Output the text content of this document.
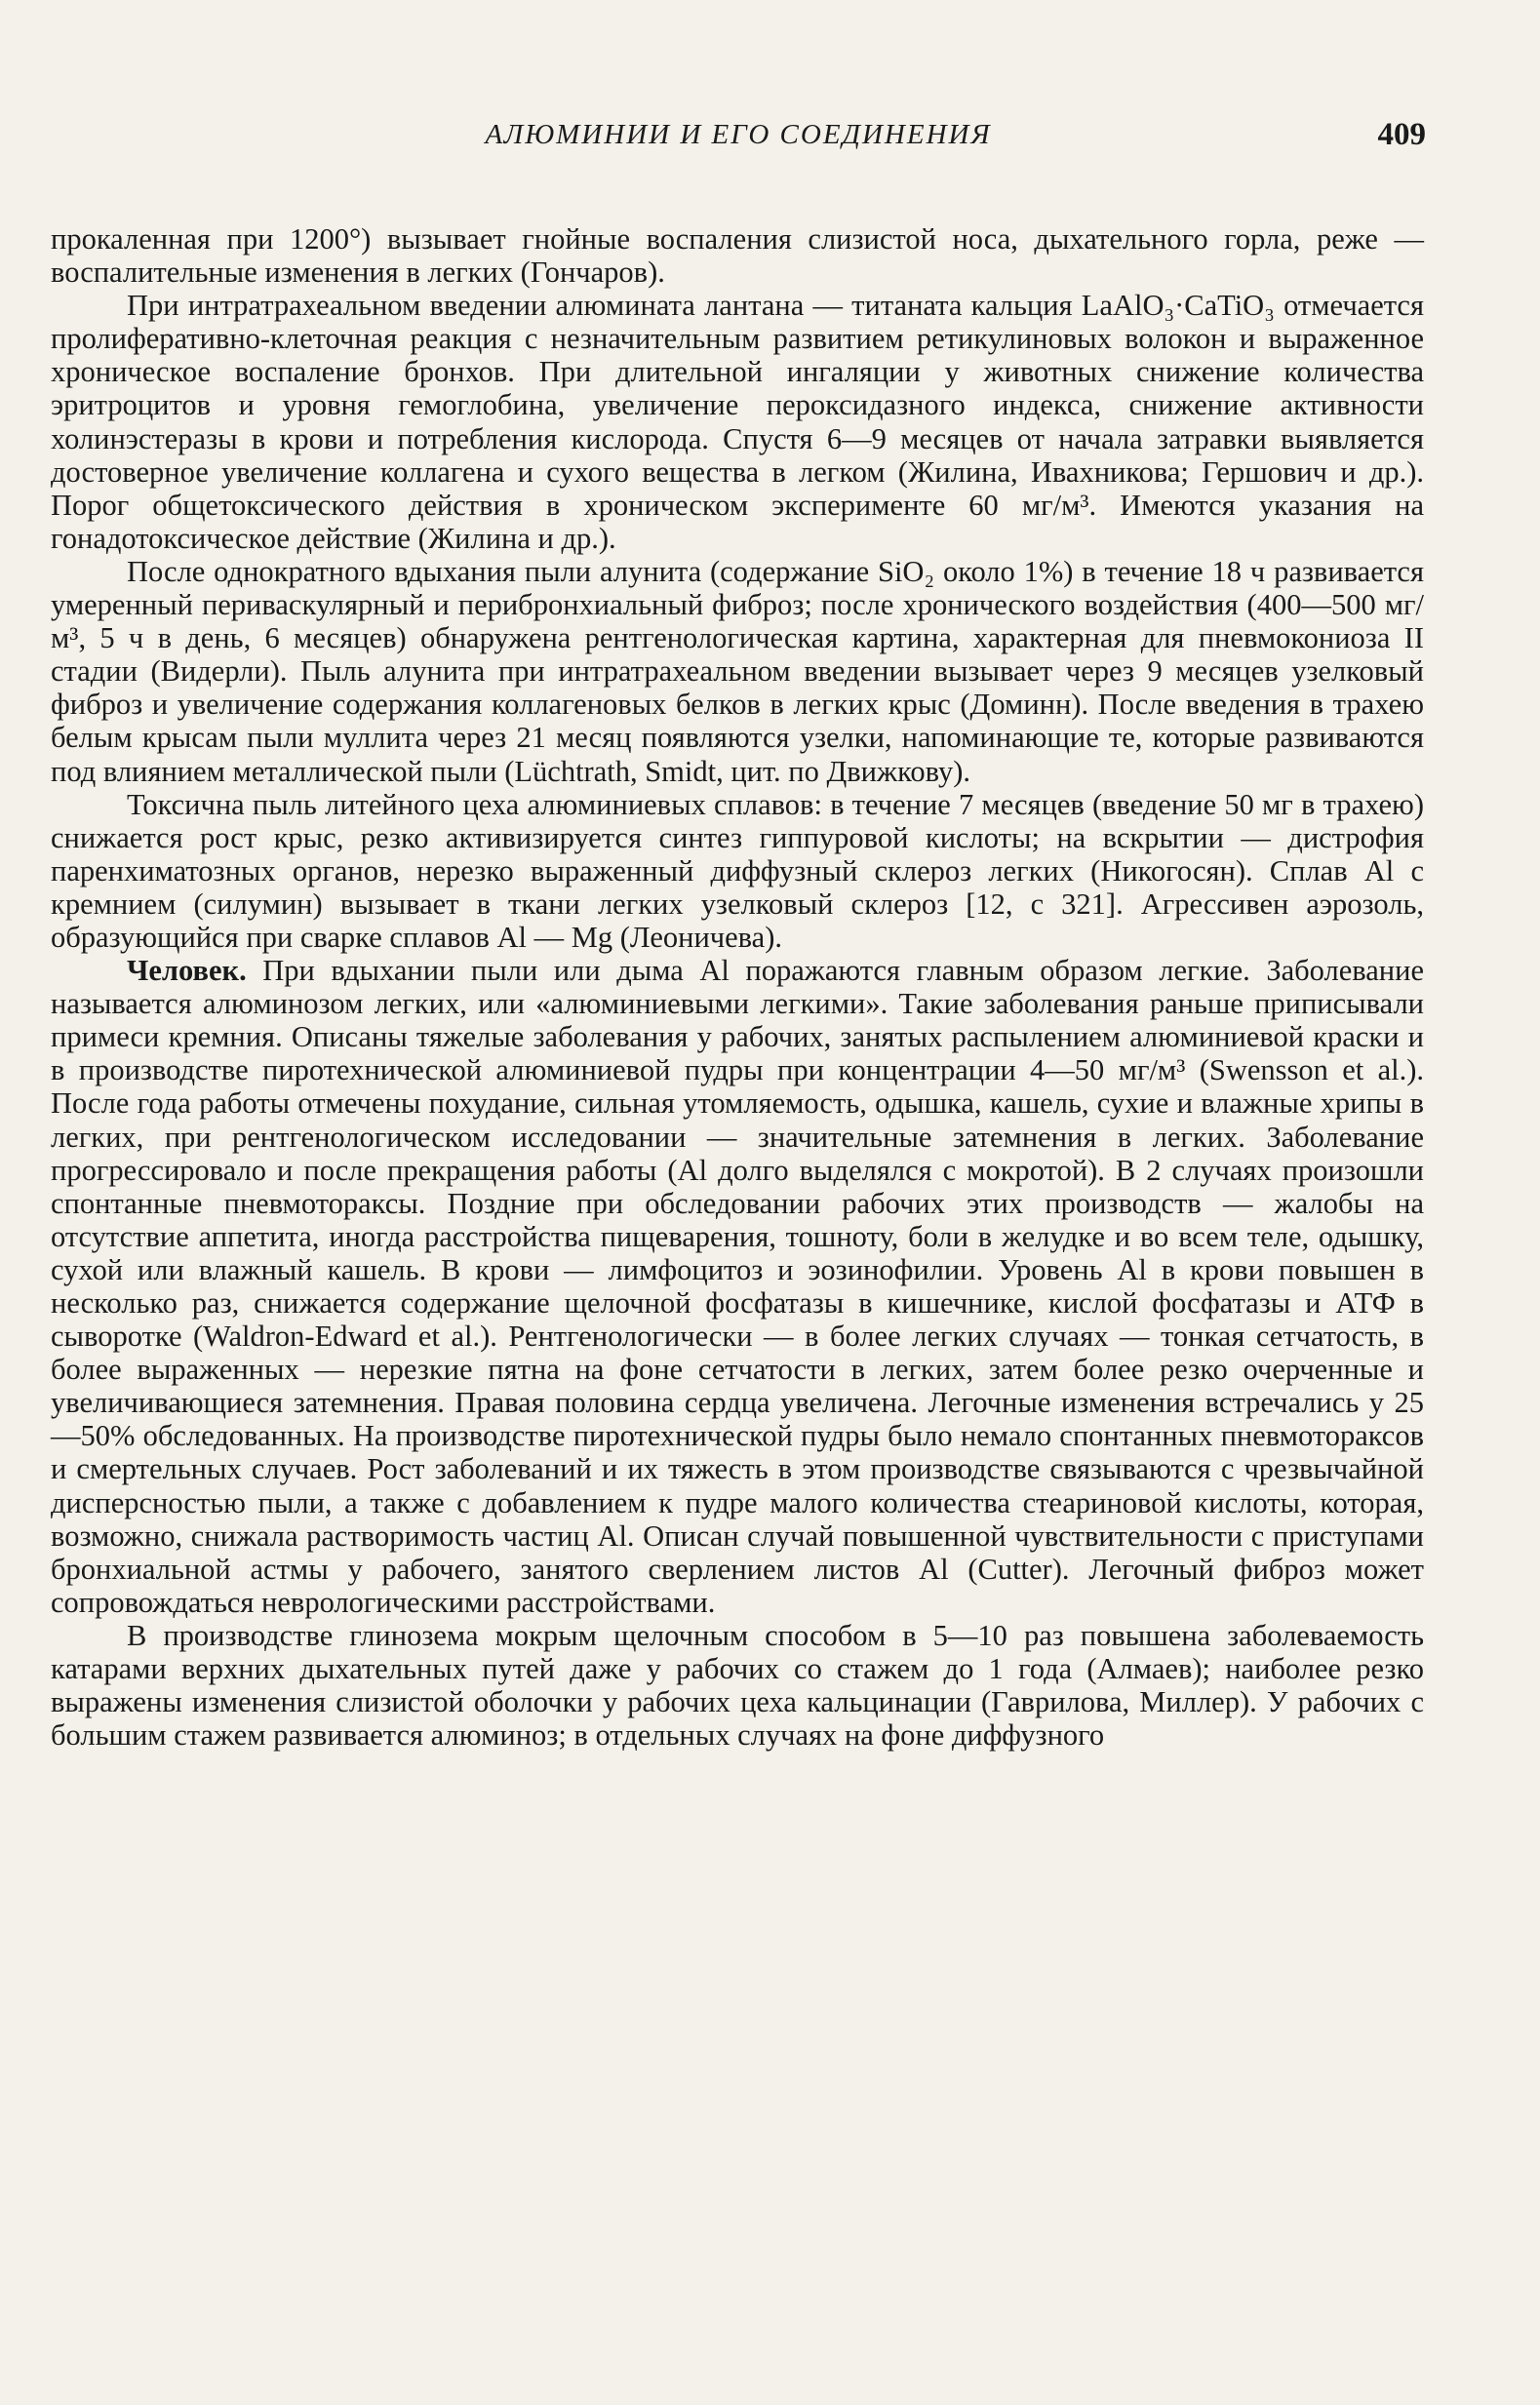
АЛЮМИНИИ И ЕГО СОЕДИНЕНИЯ	409

прокаленная при 1200°) вызывает гнойные воспаления слизистой носа, дыхательного горла, реже — воспалительные изменения в легких (Гончаров).

При интратрахеальном введении алюмината лантана — титаната кальция LaAlO₃·CaTiO₃ отмечается пролиферативно-клеточная реакция с незначительным развитием ретикулиновых волокон и выраженное хроническое воспаление бронхов. При длительной ингаляции у животных снижение количества эритроцитов и уровня гемоглобина, увеличение пероксидазного индекса, снижение активности холинэстеразы в крови и потребления кислорода. Спустя 6—9 месяцев от начала затравки выявляется достоверное увеличение коллагена и сухого вещества в легком (Жилина, Ивахникова; Гершович и др.). Порог общетоксического действия в хроническом эксперименте 60 мг/м³. Имеются указания на гонадотоксическое действие (Жилина и др.).

После однократного вдыхания пыли алунита (содержание SiO₂ около 1%) в течение 18 ч развивается умеренный периваскулярный и перибронхиальный фиброз; после хронического воздействия (400—500 мг/м³, 5 ч в день, 6 месяцев) обнаружена рентгенологическая картина, характерная для пневмокониоза II стадии (Видерли). Пыль алунита при интратрахеальном введении вызывает через 9 месяцев узелковый фиброз и увеличение содержания коллагеновых белков в легких крыс (Доминн). После введения в трахею белым крысам пыли муллита через 21 месяц появляются узелки, напоминающие те, которые развиваются под влиянием металлической пыли (Lüchtrath, Smidt, цит. по Движкову).

Токсична пыль литейного цеха алюминиевых сплавов: в течение 7 месяцев (введение 50 мг в трахею) снижается рост крыс, резко активизируется синтез гиппуровой кислоты; на вскрытии — дистрофия паренхиматозных органов, нерезко выраженный диффузный склероз легких (Никогосян). Сплав Al с кремнием (силумин) вызывает в ткани легких узелковый склероз [12, с 321]. Агрессивен аэрозоль, образующийся при сварке сплавов Al — Mg (Леоничева).

Человек. При вдыхании пыли или дыма Al поражаются главным образом легкие. Заболевание называется алюминозом легких, или «алюминиевыми легкими». Такие заболевания раньше приписывали примеси кремния. Описаны тяжелые заболевания у рабочих, занятых распылением алюминиевой краски и в производстве пиротехнической алюминиевой пудры при концентрации 4—50 мг/м³ (Swensson et al.). После года работы отмечены похудание, сильная утомляемость, одышка, кашель, сухие и влажные хрипы в легких, при рентгенологическом исследовании — значительные затемнения в легких. Заболевание прогрессировало и после прекращения работы (Al долго выделялся с мокротой). В 2 случаях произошли спонтанные пневмотораксы. Поздние при обследовании рабочих этих производств — жалобы на отсутствие аппетита, иногда расстройства пищеварения, тошноту, боли в желудке и во всем теле, одышку, сухой или влажный кашель. В крови — лимфоцитоз и эозинофилии. Уровень Al в крови повышен в несколько раз, снижается содержание щелочной фосфатазы в кишечнике, кислой фосфатазы и АТФ в сыворотке (Waldron-Edward et al.). Рентгенологически — в более легких случаях — тонкая сетчатость, в более выраженных — нерезкие пятна на фоне сетчатости в легких, затем более резко очерченные и увеличивающиеся затемнения. Правая половина сердца увеличена. Легочные изменения встречались у 25—50% обследованных. На производстве пиротехнической пудры было немало спонтанных пневмотораксов и смертельных случаев. Рост заболеваний и их тяжесть в этом производстве связываются с чрезвычайной дисперсностью пыли, а также с добавлением к пудре малого количества стеариновой кислоты, которая, возможно, снижала растворимость частиц Al. Описан случай повышенной чувствительности с приступами бронхиальной астмы у рабочего, занятого сверлением листов Al (Cutter). Легочный фиброз может сопровождаться неврологическими расстройствами.

В производстве глинозема мокрым щелочным способом в 5—10 раз повышена заболеваемость катарами верхних дыхательных путей даже у рабочих со стажем до 1 года (Алмаев); наиболее резко выражены изменения слизистой оболочки у рабочих цеха кальцинации (Гаврилова, Миллер). У рабочих с большим стажем развивается алюминоз; в отдельных случаях на фоне диффузного
